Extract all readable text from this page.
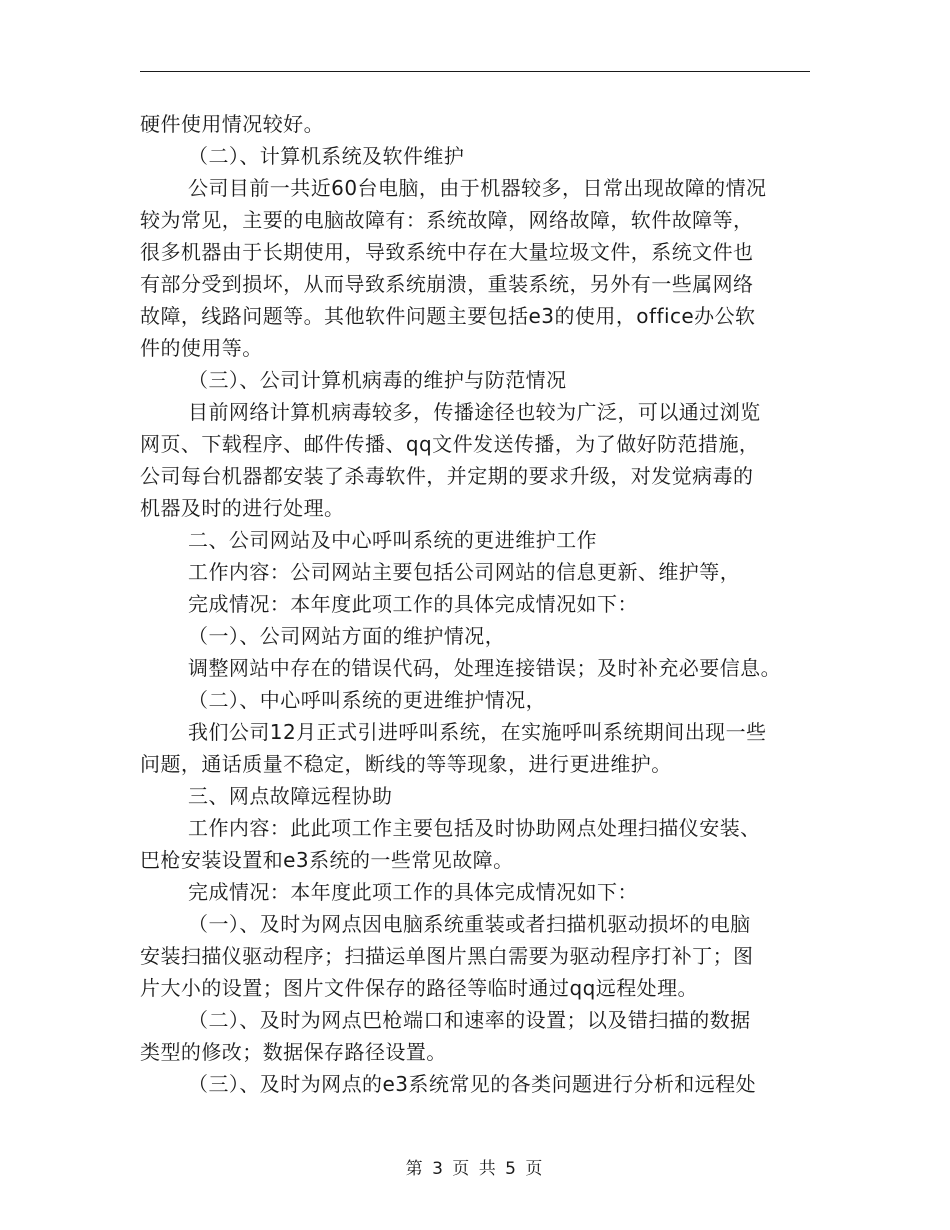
硬件使用情况较好。
（二）、计算机系统及软件维护
公司目前一共近60台电脑，由于机器较多，日常出现故障的情况
较为常见，主要的电脑故障有：系统故障，网络故障，软件故障等，
很多机器由于长期使用，导致系统中存在大量垃圾文件，系统文件也
有部分受到损坏，从而导致系统崩溃，重装系统，另外有一些属网络
故障，线路问题等。其他软件问题主要包括e3的使用，office办公软
件的使用等。
（三）、公司计算机病毒的维护与防范情况
目前网络计算机病毒较多，传播途径也较为广泛，可以通过浏览
网页、下载程序、邮件传播、qq文件发送传播，为了做好防范措施，
公司每台机器都安装了杀毒软件，并定期的要求升级，对发觉病毒的
机器及时的进行处理。
二、公司网站及中心呼叫系统的更进维护工作
工作内容：公司网站主要包括公司网站的信息更新、维护等，
完成情况：本年度此项工作的具体完成情况如下：
（一）、公司网站方面的维护情况，
调整网站中存在的错误代码，处理连接错误；及时补充必要信息。
（二）、中心呼叫系统的更进维护情况，
我们公司12月正式引进呼叫系统，在实施呼叫系统期间出现一些
问题，通话质量不稳定，断线的等等现象，进行更进维护。
三、网点故障远程协助
工作内容：此此项工作主要包括及时协助网点处理扫描仪安装、
巴枪安装设置和e3系统的一些常见故障。
完成情况：本年度此项工作的具体完成情况如下：
（一）、及时为网点因电脑系统重装或者扫描机驱动损坏的电脑
安装扫描仪驱动程序；扫描运单图片黑白需要为驱动程序打补丁；图
片大小的设置；图片文件保存的路径等临时通过qq远程处理。
（二）、及时为网点巴枪端口和速率的设置；以及错扫描的数据
类型的修改；数据保存路径设置。
（三）、及时为网点的e3系统常见的各类问题进行分析和远程处
第 3 页 共 5 页
